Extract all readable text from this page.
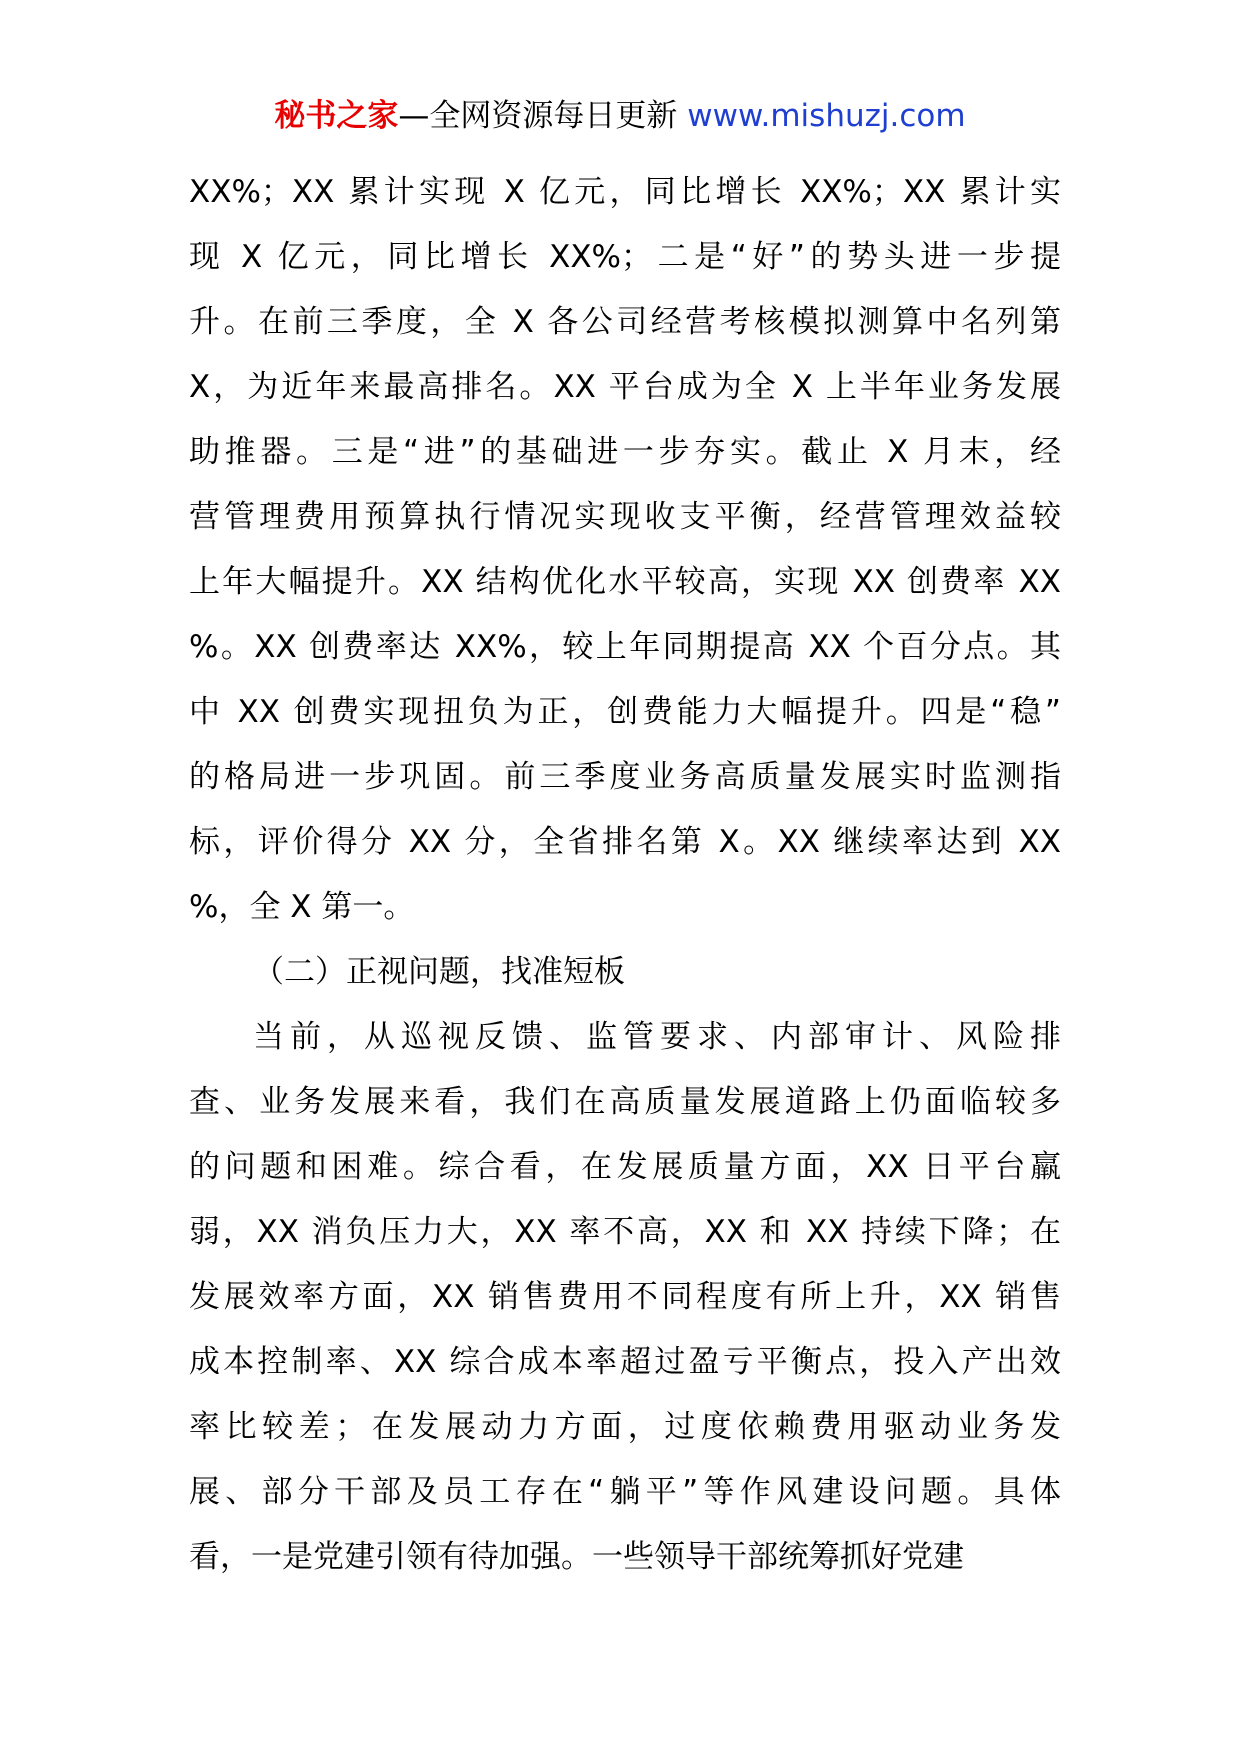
秘书之家—全网资源每日更新 www.mishuzj.com
XX%；XX 累计实现 X 亿元，同比增长 XX%；XX 累计实
现 X 亿元，同比增长 XX%；二是“好”的势头进一步提
升。在前三季度，全 X 各公司经营考核模拟测算中名列第
X，为近年来最高排名。XX 平台成为全 X 上半年业务发展
助推器。三是“进”的基础进一步夯实。截止 X 月末，经
营管理费用预算执行情况实现收支平衡，经营管理效益较
上年大幅提升。XX 结构优化水平较高，实现 XX 创费率 XX
%。XX 创费率达 XX%，较上年同期提高 XX 个百分点。其
中 XX 创费实现扭负为正，创费能力大幅提升。四是“稳”
的格局进一步巩固。前三季度业务高质量发展实时监测指
标，评价得分 XX 分，全省排名第 X。XX 继续率达到 XX
%，全 X 第一。
（二）正视问题，找准短板
当前，从巡视反馈、监管要求、内部审计、风险排
查、业务发展来看，我们在高质量发展道路上仍面临较多
的问题和困难。综合看，在发展质量方面，XX 日平台羸
弱，XX 消负压力大，XX 率不高，XX 和 XX 持续下降；在
发展效率方面，XX 销售费用不同程度有所上升，XX 销售
成本控制率、XX 综合成本率超过盈亏平衡点，投入产出效
率比较差；在发展动力方面，过度依赖费用驱动业务发
展、部分干部及员工存在“躺平”等作风建设问题。具体
看，一是党建引领有待加强。一些领导干部统筹抓好党建
